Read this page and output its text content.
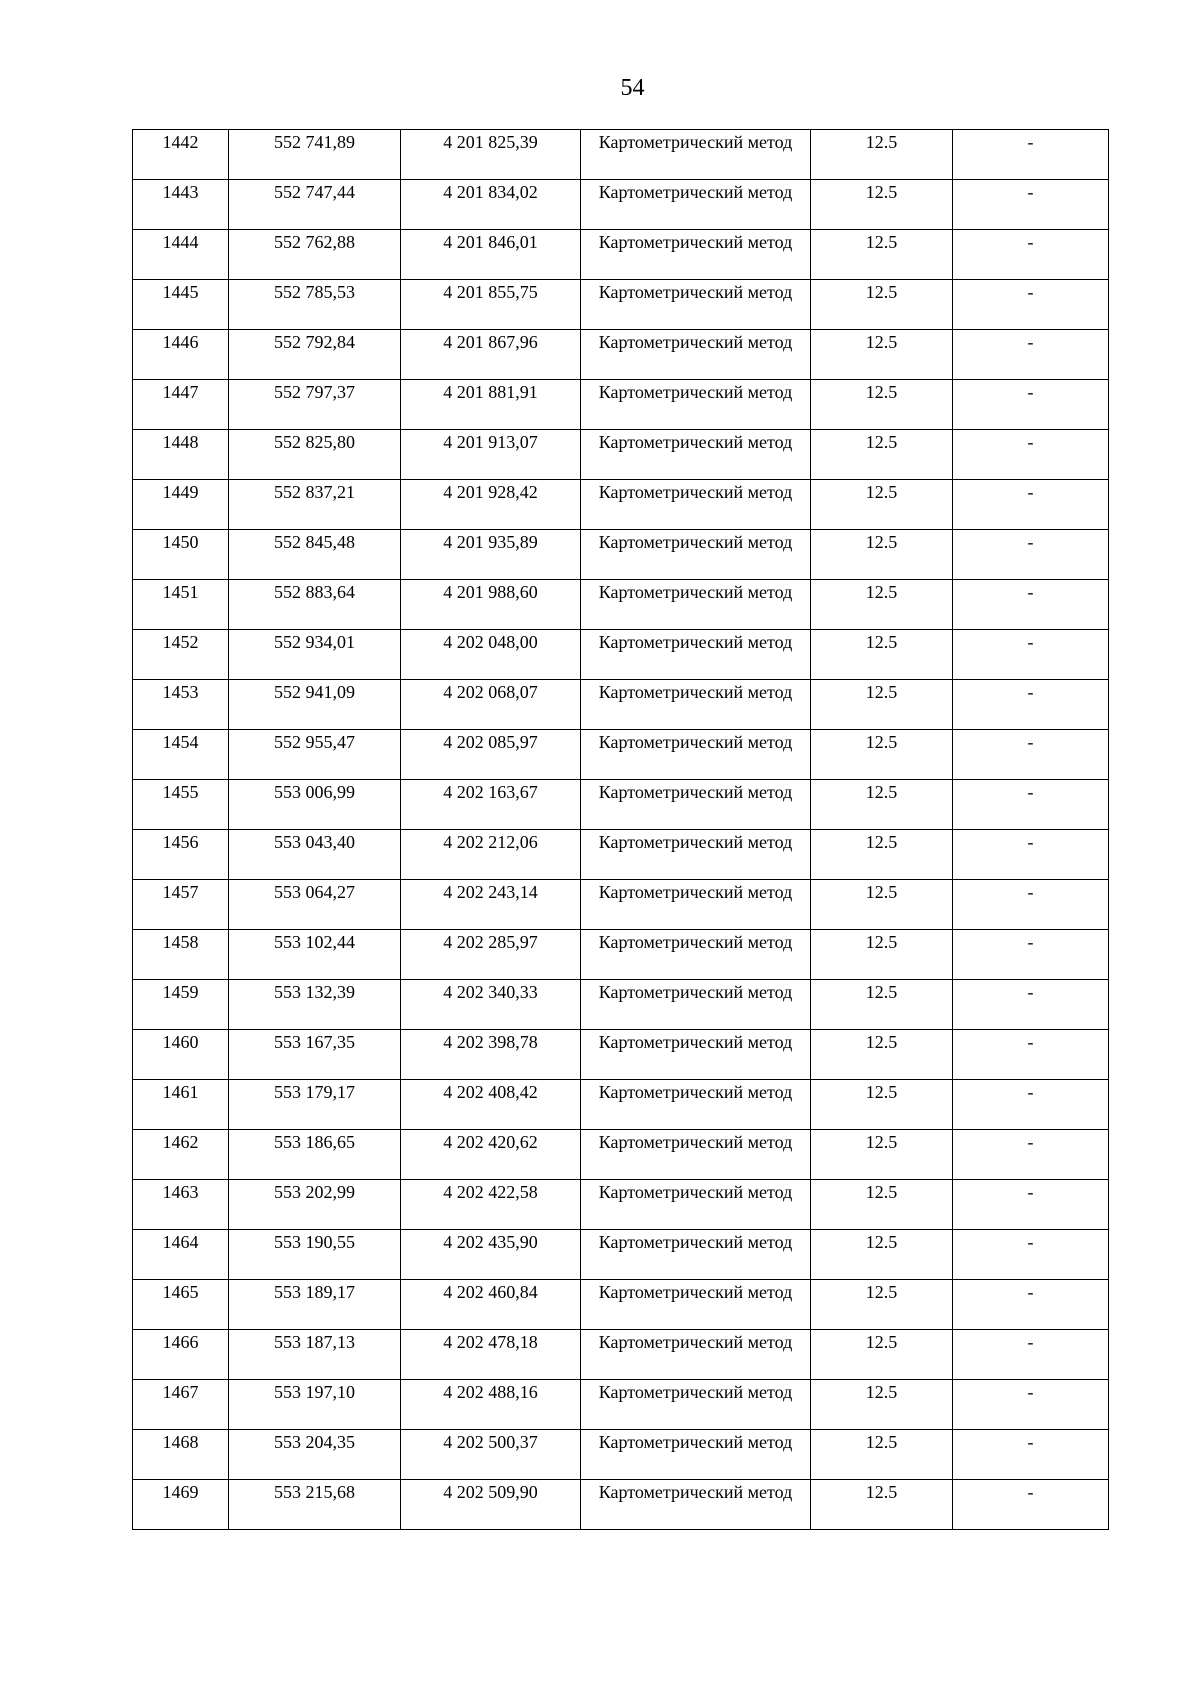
54
1442	552 741,89	4 201 825,39	Картометрический метод	12.5	-
1443	552 747,44	4 201 834,02	Картометрический метод	12.5	-
1444	552 762,88	4 201 846,01	Картометрический метод	12.5	-
1445	552 785,53	4 201 855,75	Картометрический метод	12.5	-
1446	552 792,84	4 201 867,96	Картометрический метод	12.5	-
1447	552 797,37	4 201 881,91	Картометрический метод	12.5	-
1448	552 825,80	4 201 913,07	Картометрический метод	12.5	-
1449	552 837,21	4 201 928,42	Картометрический метод	12.5	-
1450	552 845,48	4 201 935,89	Картометрический метод	12.5	-
1451	552 883,64	4 201 988,60	Картометрический метод	12.5	-
1452	552 934,01	4 202 048,00	Картометрический метод	12.5	-
1453	552 941,09	4 202 068,07	Картометрический метод	12.5	-
1454	552 955,47	4 202 085,97	Картометрический метод	12.5	-
1455	553 006,99	4 202 163,67	Картометрический метод	12.5	-
1456	553 043,40	4 202 212,06	Картометрический метод	12.5	-
1457	553 064,27	4 202 243,14	Картометрический метод	12.5	-
1458	553 102,44	4 202 285,97	Картометрический метод	12.5	-
1459	553 132,39	4 202 340,33	Картометрический метод	12.5	-
1460	553 167,35	4 202 398,78	Картометрический метод	12.5	-
1461	553 179,17	4 202 408,42	Картометрический метод	12.5	-
1462	553 186,65	4 202 420,62	Картометрический метод	12.5	-
1463	553 202,99	4 202 422,58	Картометрический метод	12.5	-
1464	553 190,55	4 202 435,90	Картометрический метод	12.5	-
1465	553 189,17	4 202 460,84	Картометрический метод	12.5	-
1466	553 187,13	4 202 478,18	Картометрический метод	12.5	-
1467	553 197,10	4 202 488,16	Картометрический метод	12.5	-
1468	553 204,35	4 202 500,37	Картометрический метод	12.5	-
1469	553 215,68	4 202 509,90	Картометрический метод	12.5	-
